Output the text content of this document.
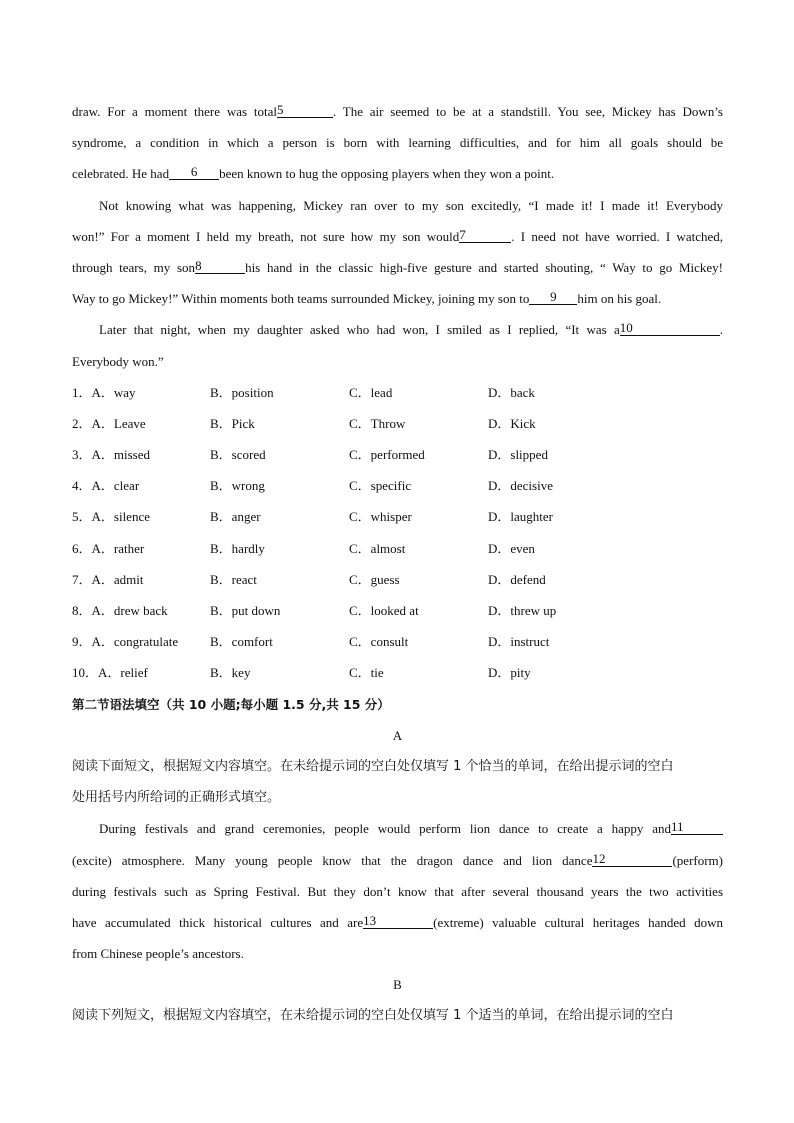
draw. For a moment there was total5	. The air seemed to be at a standstill. You see, Mickey has Down’s
syndrome, a condition in which a person is born with learning difficulties, and for him all goals should be
celebrated. He had 6 been known to hug the opposing players when they won a point.
Not knowing what was happening, Mickey ran over to my son excitedly, “I made it! I made it! Everybody
won!” For a moment I held my breath, not sure how my son would7	. I need not have worried. I watched,
through tears, my son8	his hand in the classic high-five gesture and started shouting, “ Way to go Mickey!
Way to go Mickey!” Within moments both teams surrounded Mickey, joining my son to 9 him on his goal.
Later that night, when my daughter asked who had won, I smiled as I replied, “It was a10	.
Everybody won.”
1．A．way	B．position	C．lead	D．back
2．A．Leave	B．Pick	C．Throw	D．Kick
3．A．missed	B．scored	C．performed	D．slipped
4．A．clear	B．wrong	C．specific	D．decisive
5．A．silence	B．anger	C．whisper	D．laughter
6．A．rather	B．hardly	C．almost	D．even
7．A．admit	B．react	C．guess	D．defend
8．A．drew back	B．put down	C．looked at	D．threw up
9．A．congratulate B．comfort	C．consult	D．instruct
10．A．relief	B．key	C．tie	D．pity
第二节语法填空（共 10 小题;每小题 1.5 分,共 15 分）
A
阅读下面短文，根据短文内容填空。在未给提示词的空白处仅填写 1 个恰当的单词，在给出提示词的空白
处用括号内所给词的正确形式填空。
During festivals and grand ceremonies, people would perform lion dance to create a happy and11
(excite) atmosphere. Many young people know that the dragon dance and lion dance12	(perform)
during festivals such as Spring Festival. But they don’t know that after several thousand years the two activities
have accumulated thick historical cultures and are13	(extreme) valuable cultural heritages handed down
from Chinese people’s ancestors.
B
阅读下列短文，根据短文内容填空，在未给提示词的空白处仅填写 1 个适当的单词，在给出提示词的空白
